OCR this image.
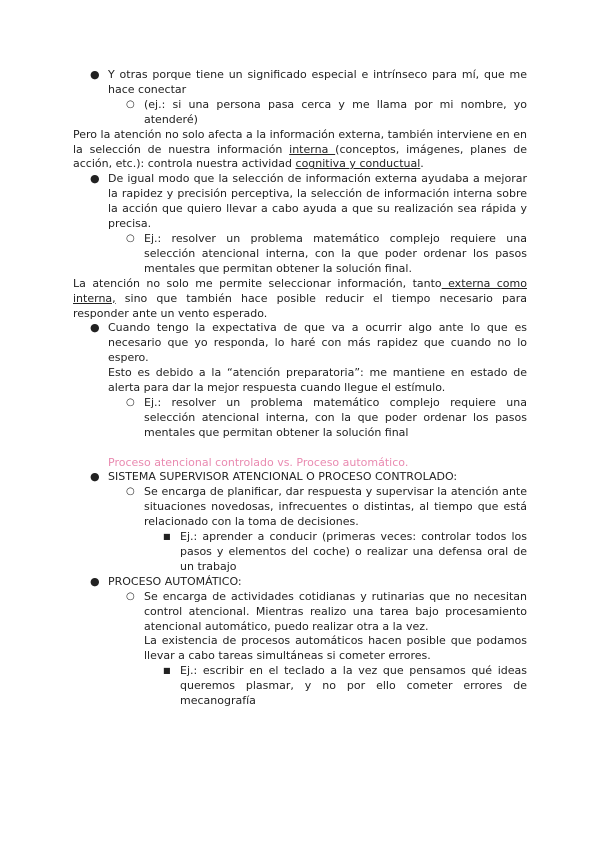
● Y otras porque tiene un significado especial e intrínseco para mí, que me hace conectar
○ (ej.: si una persona pasa cerca y me llama por mi nombre, yo atenderé)

Pero la atención no solo afecta a la información externa, también interviene en en la selección de nuestra información interna (conceptos, imágenes, planes de acción, etc.): controla nuestra actividad cognitiva y conductual.

● De igual modo que la selección de información externa ayudaba a mejorar la rapidez y precisión perceptiva, la selección de información interna sobre la acción que quiero llevar a cabo ayuda a que su realización sea rápida y precisa.
○ Ej.: resolver un problema matemático complejo requiere una selección atencional interna, con la que poder ordenar los pasos mentales que permitan obtener la solución final.

La atención no solo me permite seleccionar información, tanto externa como interna, sino que también hace posible reducir el tiempo necesario para responder ante un vento esperado.

● Cuando tengo la expectativa de que va a ocurrir algo ante lo que es necesario que yo responda, lo haré con más rapidez que cuando no lo espero.
Esto es debido a la “atención preparatoria”: me mantiene en estado de alerta para dar la mejor respuesta cuando llegue el estímulo.
○ Ej.: resolver un problema matemático complejo requiere una selección atencional interna, con la que poder ordenar los pasos mentales que permitan obtener la solución final
Proceso atencional controlado vs. Proceso automático.
● SISTEMA SUPERVISOR ATENCIONAL O PROCESO CONTROLADO:
○ Se encarga de planificar, dar respuesta y supervisar la atención ante situaciones novedosas, infrecuentes o distintas, al tiempo que está relacionado con la toma de decisiones.
■ Ej.: aprender a conducir (primeras veces: controlar todos los pasos y elementos del coche) o realizar una defensa oral de un trabajo
● PROCESO AUTOMÁTICO:
○ Se encarga de actividades cotidianas y rutinarias que no necesitan control atencional. Mientras realizo una tarea bajo procesamiento atencional automático, puedo realizar otra a la vez.
La existencia de procesos automáticos hacen posible que podamos llevar a cabo tareas simultáneas si cometer errores.
■ Ej.: escribir en el teclado a la vez que pensamos qué ideas queremos plasmar, y no por ello cometer errores de mecanografía
